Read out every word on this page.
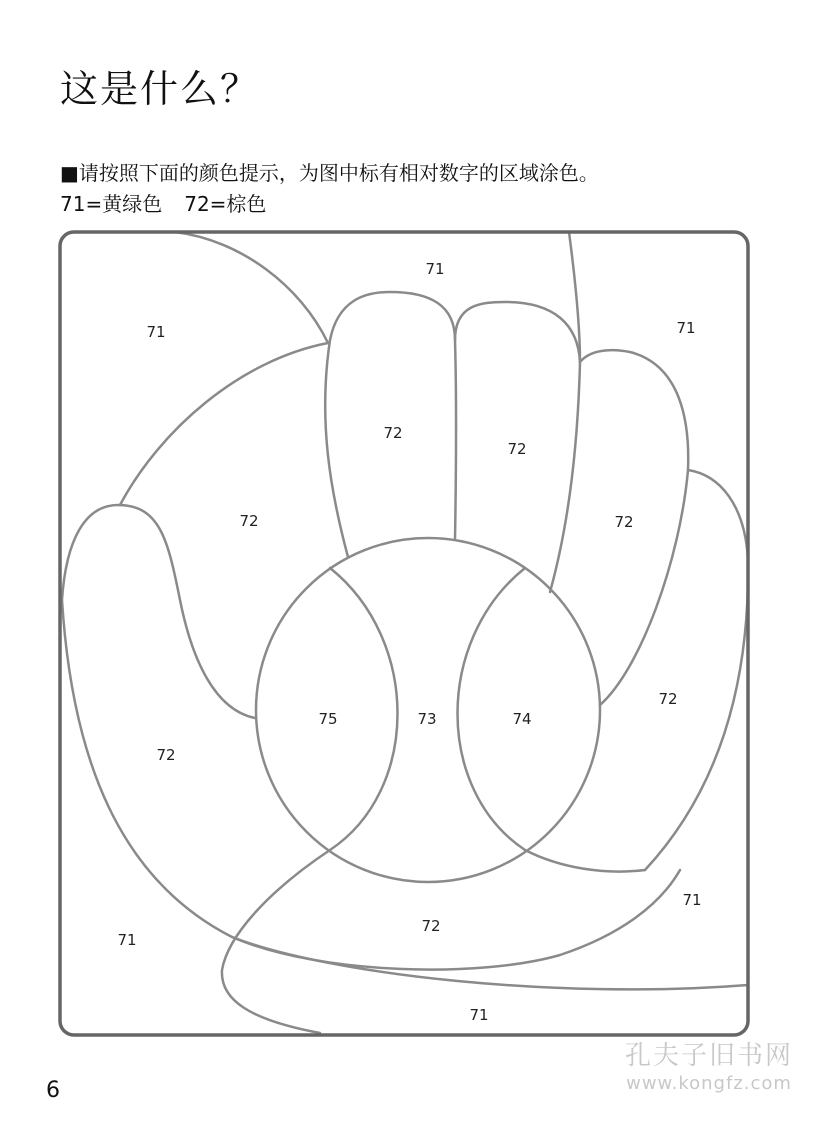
这是什么？

■请按照下面的颜色提示，为图中标有相对数字的区域涂色。

71=黄绿色 72=棕色

71
71	71
72
72
72	72
72
72
75	73	74
72
71
71
71

6

孔夫子旧书网
www.kongfz.com
